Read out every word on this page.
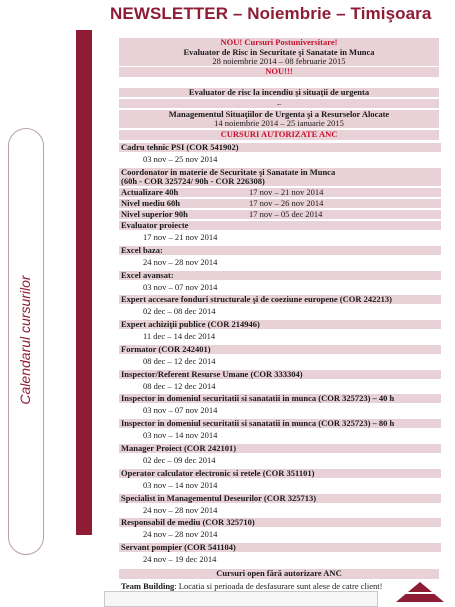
NEWSLETTER – Noiembrie – Timişoara
Calendarul cursurilor
NOU! Cursuri Postuniversitare!
Evaluator de Risc in Securitate şi Sanatate in Munca
28 noiembrie 2014 – 08 februarie 2015
NOU!!!
Evaluator de risc la incendiu și situații de urgenta
–
Managementul Situaţiilor de Urgenta şi a Resurselor Alocate
14 noiembrie 2014 – 25 ianuarie 2015
CURSURI AUTORIZATE ANC
Cadru tehnic PSI (COR 541902)
03 nov – 25 nov 2014
Coordonator in materie de Securitate şi Sanatate in Munca
(60h - COR 325724/ 90h - COR 226308)
Actualizare 40h	17 nov – 21 nov 2014
Nivel mediu 60h	17 nov – 26 nov 2014
Nivel superior 90h	17 nov – 05 dec 2014
Evaluator proiecte
17 nov – 21 nov 2014
Excel baza:
24 nov – 28 nov 2014
Excel avansat:
03 nov – 07 nov 2014
Expert accesare fonduri structurale şi de coeziune europene (COR 242213)
02 dec – 08 dec 2014
Expert achiziţii publice (COR 214946)
11 dec – 14 dec 2014
Formator (COR 242401)
08 dec – 12 dec 2014
Inspector/Referent Resurse Umane (COR 333304)
08 dec – 12 dec 2014
Inspector in domeniul securitatii si sanatatii in munca (COR 325723) – 40 h
03 nov – 07 nov 2014
Inspector in domeniul securitatii si sanatatii in munca (COR 325723) – 80 h
03 nov – 14 nov 2014
Manager Proiect (COR 242101)
02 dec – 09 dec 2014
Operator calculator electronic si retele (COR 351101)
03 nov – 14 nov 2014
Specialist in Managementul Deseurilor (COR 325713)
24 nov – 28 nov 2014
Responsabil de mediu (COR 325710)
24 nov – 28 nov 2014
Servant pompier (COR 541104)
24 nov – 19 dec 2014
Cursuri open fără autorizare ANC
Team Building: Locatia si perioada de desfasurare sunt alese de catre client!
